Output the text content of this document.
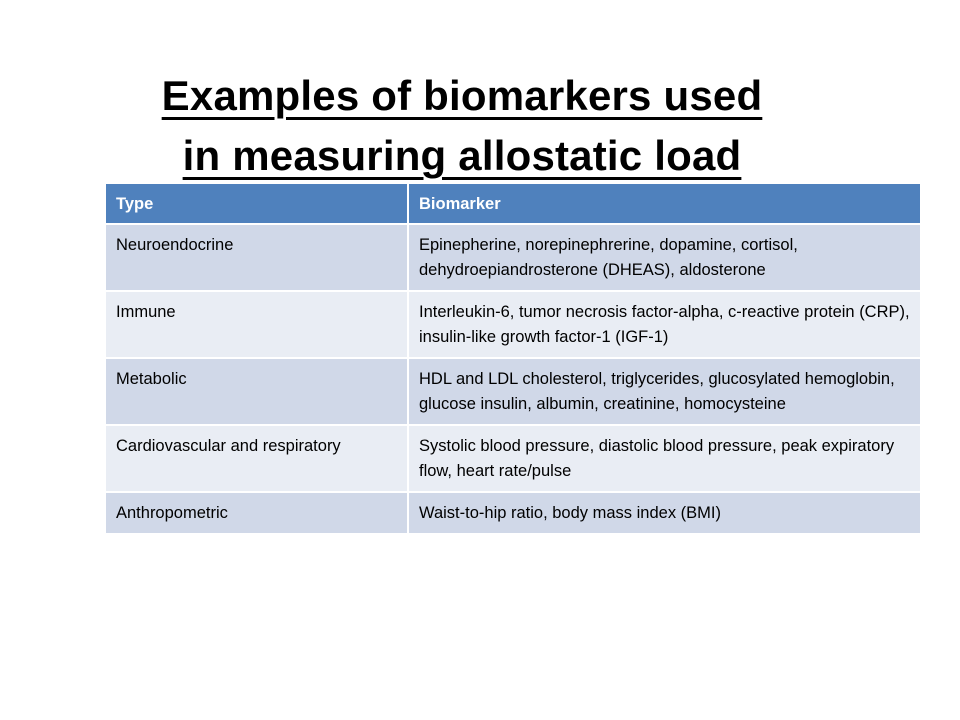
Examples of biomarkers used
in measuring allostatic load
Type	Biomarker
Neuroendocrine	Epinepherine, norepinephrerine, dopamine, cortisol, dehydroepiandrosterone (DHEAS), aldosterone
Immune	Interleukin-6, tumor necrosis factor-alpha, c-reactive protein (CRP), insulin-like growth factor-1 (IGF-1)
Metabolic	HDL and LDL cholesterol, triglycerides, glucosylated hemoglobin, glucose insulin, albumin, creatinine, homocysteine
Cardiovascular and respiratory	Systolic blood pressure, diastolic blood pressure, peak expiratory flow, heart rate/pulse
Anthropometric	Waist-to-hip ratio, body mass index (BMI)
